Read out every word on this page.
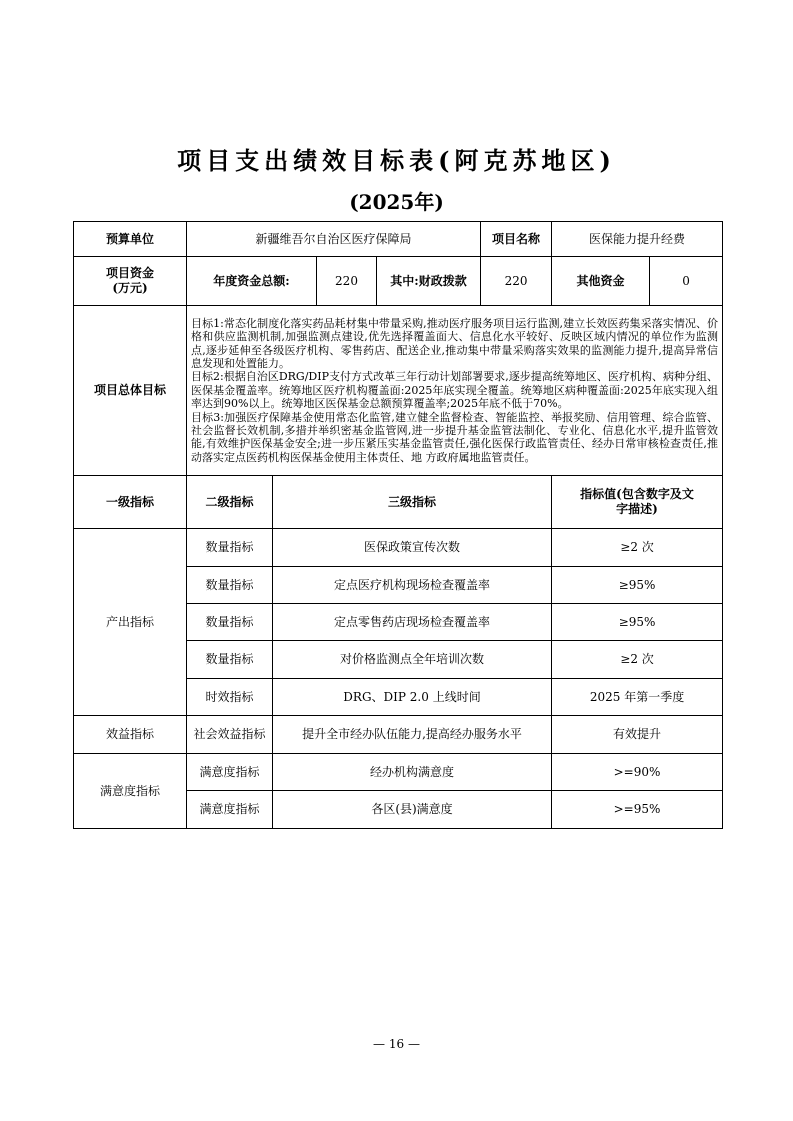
项目支出绩效目标表(阿克苏地区)
(2025年)
预算单位	新疆维吾尔自治区医疗保障局				项目名称	医保能力提升经费	

项目资金
(万元)	年度资金总额:		220	其中:财政拨款	220	其他资金	0
项目总体目标	目标1:常态化制度化落实药品耗材集中带量采购,推动医疗服务项目运行监测,建立长效医药集采落实情况、价格和供应监测机制,加强监测点建设,优先选择覆盖面大、信息化水平较好、反映区域内情况的单位作为监测点,逐步延伸至各级医疗机构、零售药店、配送企业,推动集中带量采购落实效果的监测能力提升,提高异常信息发现和处置能力。

目标2:根据自治区DRG/DIP支付方式改革三年行动计划部署要求,逐步提高统筹地区、医疗机构、病种分组、医保基金覆盖率。统筹地区医疗机构覆盖面:2025年底实现全覆盖。统筹地区病种覆盖面:2025年底实现入组率达到90%以上。统筹地区医保基金总额预算覆盖率;2025年底不低于70%。

目标3:加强医疗保障基金使用常态化监管,建立健全监督检查、智能监控、举报奖励、信用管理、综合监管、社会监督长效机制,多措并举织密基金监管网,进一步提升基金监管法制化、专业化、信息化水平,提升监管效能,有效维护医保基金安全;进一步压紧压实基金监管责任,强化医保行政监管责任、经办日常审核检查责任,推动落实定点医药机构医保基金使用主体责任、地 方政府属地监管责任。						

一级指标	二级指标	三级指标				指标值(包含数字及文
字描述)	

产出指标	数量指标	医保政策宣传次数				≥2 次	
	数量指标	定点医疗机构现场检查覆盖率				≥95%	
	数量指标	定点零售药店现场检查覆盖率				≥95%	
	数量指标	对价格监测点全年培训次数				≥2 次	
	时效指标	DRG、DIP 2.0 上线时间				2025 年第一季度	
效益指标	社会效益指标	提升全市经办队伍能力,提高经办服务水平				有效提升	
满意度指标	满意度指标	经办机构满意度				>=90%	
	满意度指标	各区(县)满意度				>=95%	
— 16 —
